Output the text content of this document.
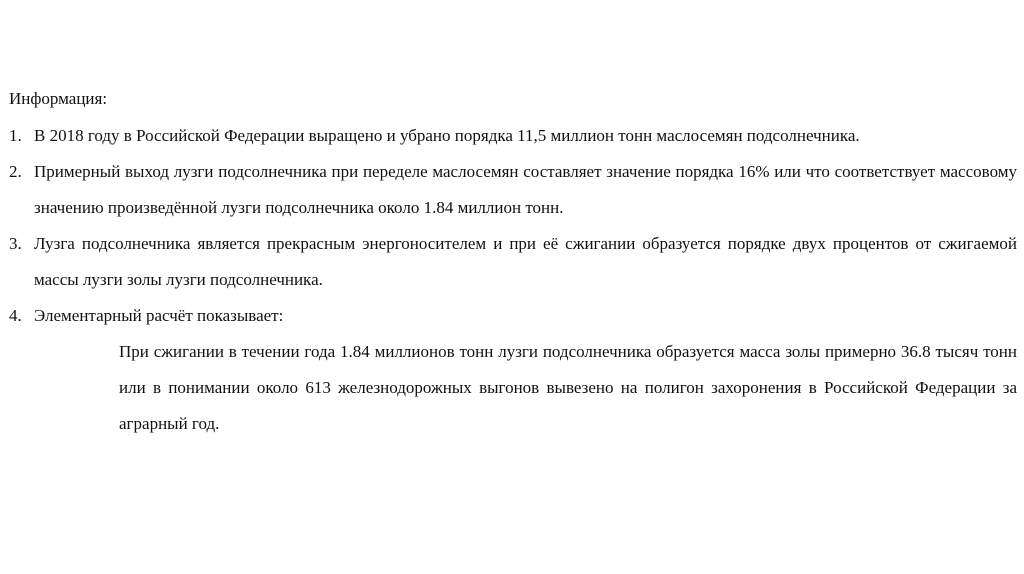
Информация:
1. В 2018 году в Российской Федерации выращено и убрано порядка 11,5 миллион тонн маслосемян подсолнечника.
2. Примерный выход лузги подсолнечника при переделе маслосемян составляет значение порядка 16% или что соответствует массовому значению произведённой лузги подсолнечника около 1.84 миллион тонн.
3. Лузга подсолнечника является прекрасным энергоносителем и при её сжигании образуется порядке двух процентов от сжигаемой массы лузги золы лузги подсолнечника.
4. Элементарный расчёт показывает:
При сжигании в течении года 1.84 миллионов тонн лузги подсолнечника образуется масса золы примерно 36.8 тысяч тонн или в понимании около 613 железнодорожных выгонов вывезено на полигон захоронения в Российской Федерации за аграрный год.
